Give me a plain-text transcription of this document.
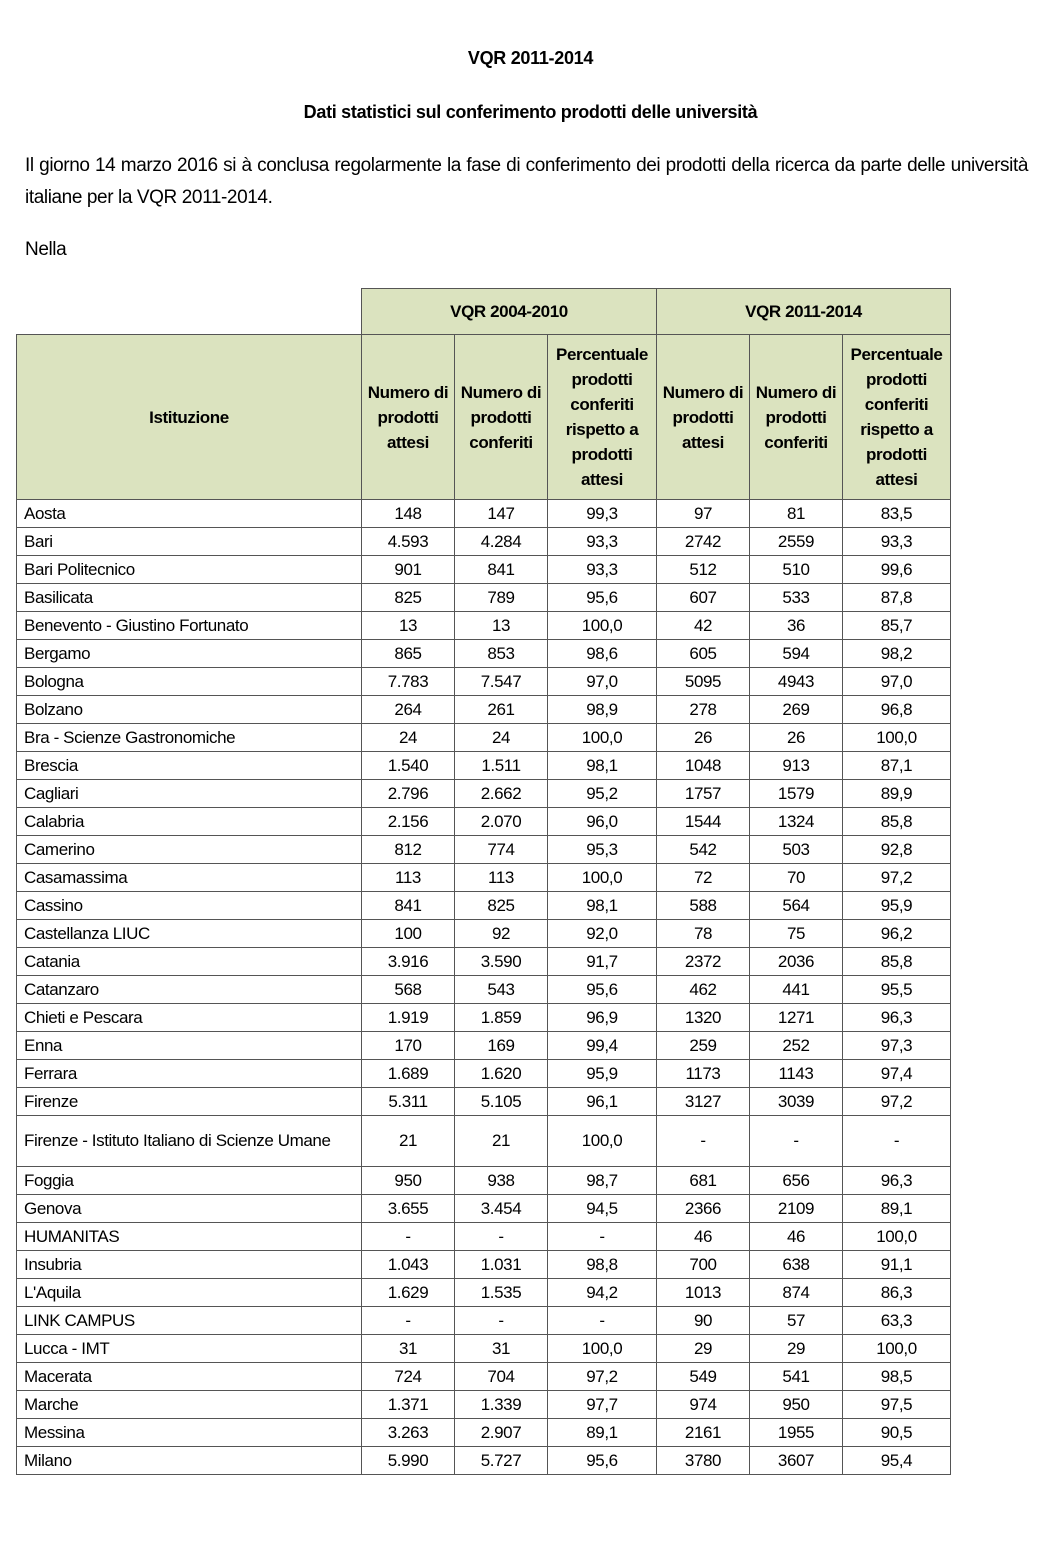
VQR 2011-2014
Dati statistici sul conferimento prodotti delle università
Il giorno 14 marzo 2016 si à conclusa regolarmente la fase di conferimento dei prodotti della ricerca da parte delle università italiane per la VQR 2011-2014.
Nella
	VQR 2004-2010			VQR 2011-2014		
Istituzione	Numero di prodotti attesi	Numero di prodotti conferiti	Percentuale prodotti conferiti rispetto a prodotti attesi	Numero di prodotti attesi	Numero di prodotti conferiti	Percentuale prodotti conferiti rispetto a prodotti attesi
Aosta	148	147	99,3	97	81	83,5
Bari	4.593	4.284	93,3	2742	2559	93,3
Bari Politecnico	901	841	93,3	512	510	99,6
Basilicata	825	789	95,6	607	533	87,8
Benevento - Giustino Fortunato	13	13	100,0	42	36	85,7
Bergamo	865	853	98,6	605	594	98,2
Bologna	7.783	7.547	97,0	5095	4943	97,0
Bolzano	264	261	98,9	278	269	96,8
Bra - Scienze Gastronomiche	24	24	100,0	26	26	100,0
Brescia	1.540	1.511	98,1	1048	913	87,1
Cagliari	2.796	2.662	95,2	1757	1579	89,9
Calabria	2.156	2.070	96,0	1544	1324	85,8
Camerino	812	774	95,3	542	503	92,8
Casamassima	113	113	100,0	72	70	97,2
Cassino	841	825	98,1	588	564	95,9
Castellanza LIUC	100	92	92,0	78	75	96,2
Catania	3.916	3.590	91,7	2372	2036	85,8
Catanzaro	568	543	95,6	462	441	95,5
Chieti e Pescara	1.919	1.859	96,9	1320	1271	96,3
Enna	170	169	99,4	259	252	97,3
Ferrara	1.689	1.620	95,9	1173	1143	97,4
Firenze	5.311	5.105	96,1	3127	3039	97,2
Firenze - Istituto Italiano di Scienze Umane	21	21	100,0	-	-	-
Foggia	950	938	98,7	681	656	96,3
Genova	3.655	3.454	94,5	2366	2109	89,1
HUMANITAS	-	-	-	46	46	100,0
Insubria	1.043	1.031	98,8	700	638	91,1
L'Aquila	1.629	1.535	94,2	1013	874	86,3
LINK CAMPUS	-	-	-	90	57	63,3
Lucca - IMT	31	31	100,0	29	29	100,0
Macerata	724	704	97,2	549	541	98,5
Marche	1.371	1.339	97,7	974	950	97,5
Messina	3.263	2.907	89,1	2161	1955	90,5
Milano	5.990	5.727	95,6	3780	3607	95,4
